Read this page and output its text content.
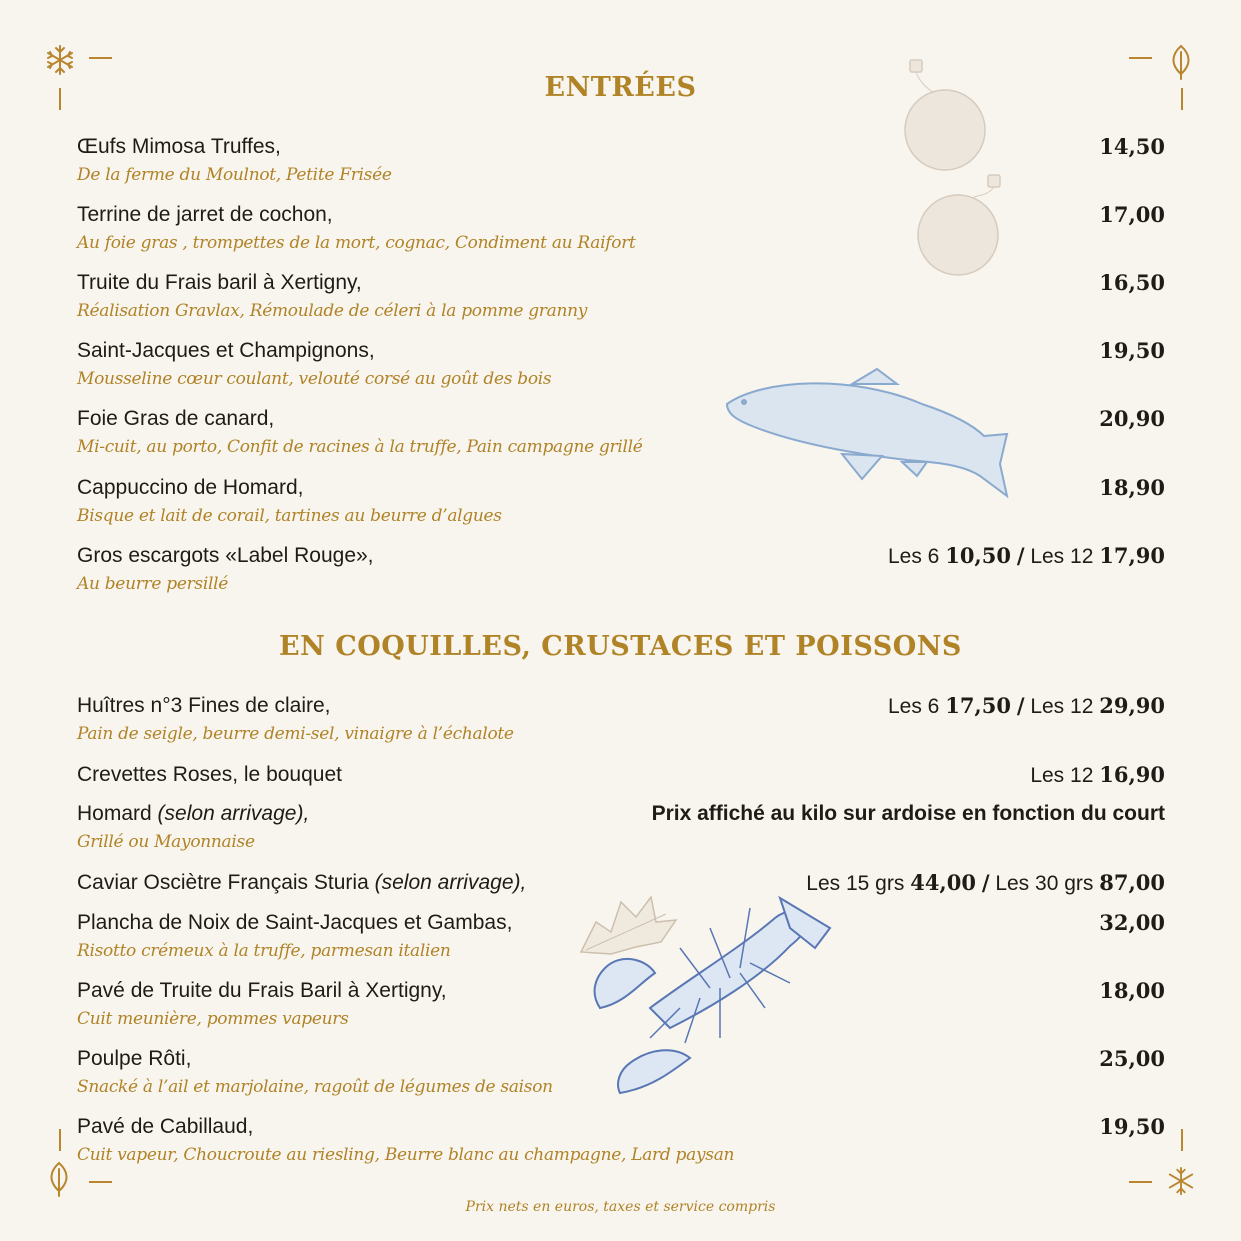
ENTRÉES
Œufs Mimosa Truffes,
De la ferme du Moulnot, Petite Frisée
14,50
Terrine de jarret de cochon,
Au foie gras , trompettes de la mort, cognac, Condiment au Raifort
17,00
Truite du Frais baril à Xertigny,
Réalisation Gravlax, Rémoulade de céleri à la pomme granny
16,50
Saint-Jacques et Champignons,
Mousseline cœur coulant, velouté corsé au goût des bois
19,50
Foie Gras de canard,
Mi-cuit, au porto, Confit de racines à la truffe, Pain campagne grillé
20,90
Cappuccino de Homard,
Bisque et lait de corail, tartines au beurre d’algues
18,90
Gros escargots «Label Rouge»,
Au beurre persillé
Les 6 10,50 / Les 12 17,90
EN COQUILLES, CRUSTACES ET POISSONS
Huîtres n°3 Fines de claire,
Pain de seigle, beurre demi-sel, vinaigre à l’échalote
Les 6 17,50 / Les 12 29,90
Crevettes Roses, le bouquet	Les 12 16,90
Homard (selon arrivage),
Grillé ou Mayonnaise
Prix affiché au kilo sur ardoise en fonction du court
Caviar Osciètre Français Sturia (selon arrivage),	Les 15 grs 44,00 / Les 30 grs 87,00
Plancha de Noix de Saint-Jacques et Gambas,
Risotto crémeux à la truffe, parmesan italien
32,00
Pavé de Truite du Frais Baril à Xertigny,
Cuit meunière, pommes vapeurs
18,00
Poulpe Rôti,
Snacké à l’ail et marjolaine, ragoût de légumes de saison
25,00
Pavé de Cabillaud,
Cuit vapeur, Choucroute au riesling, Beurre blanc au champagne, Lard paysan
19,50
Prix nets en euros, taxes et service compris
